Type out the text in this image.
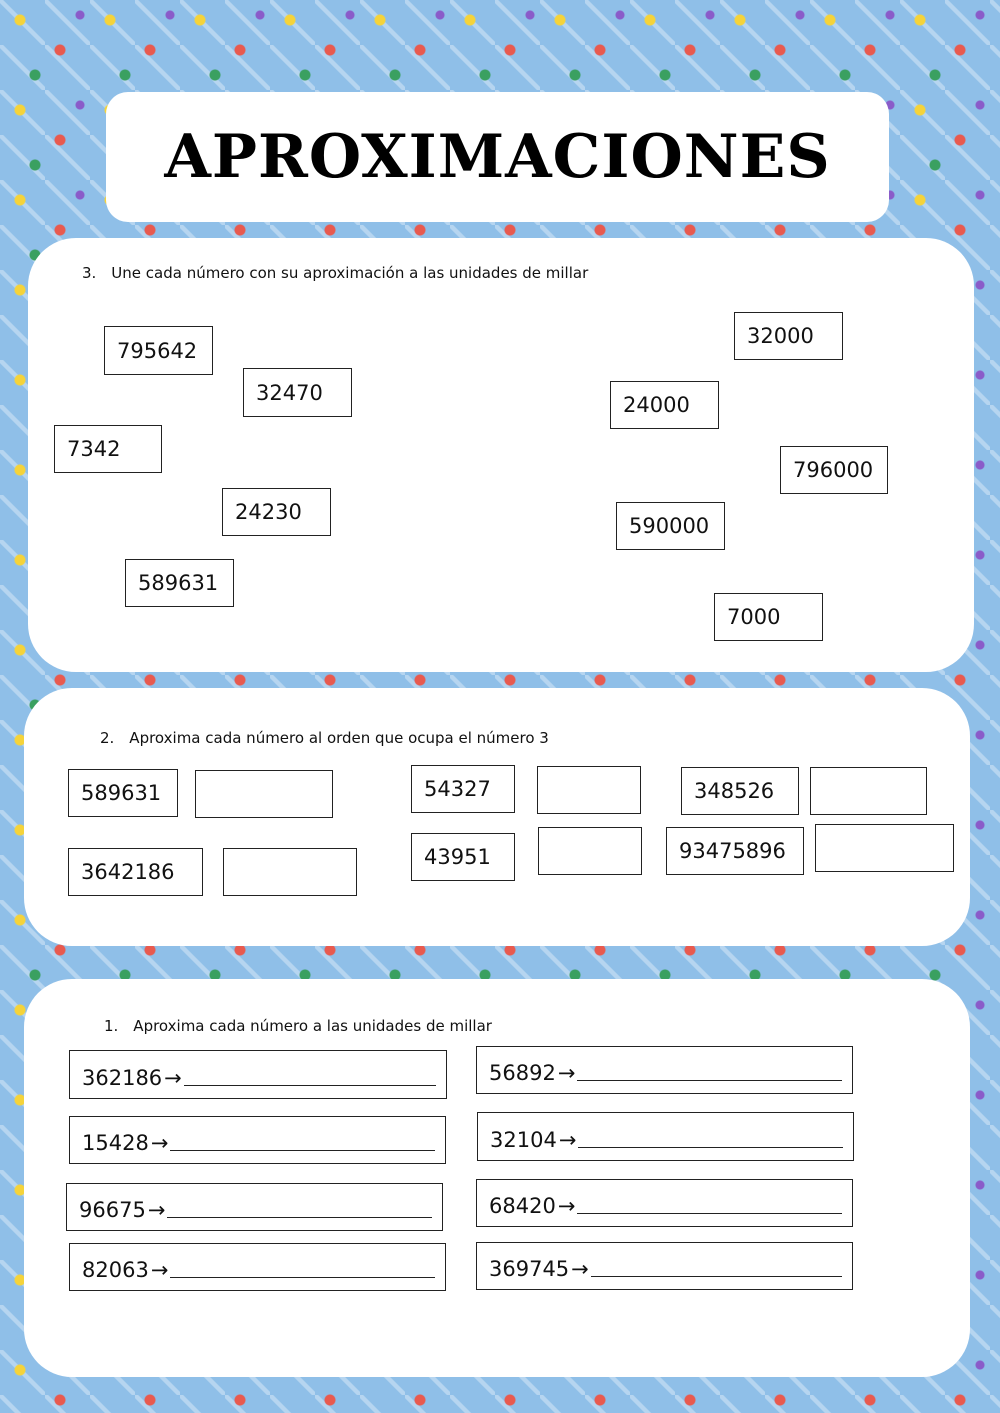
APROXIMACIONES
3. Une cada número con su aproximación a las unidades de millar
795642
32470
7342
24230
589631
32000
24000
796000
590000
7000
2. Aproxima cada número al orden que ocupa el número 3
589631
3642186
54327
43951
348526
93475896
1. Aproxima cada número a las unidades de millar
362186 →
15428 →
96675 →
82063 →
56892 →
32104 →
68420 →
369745 →
